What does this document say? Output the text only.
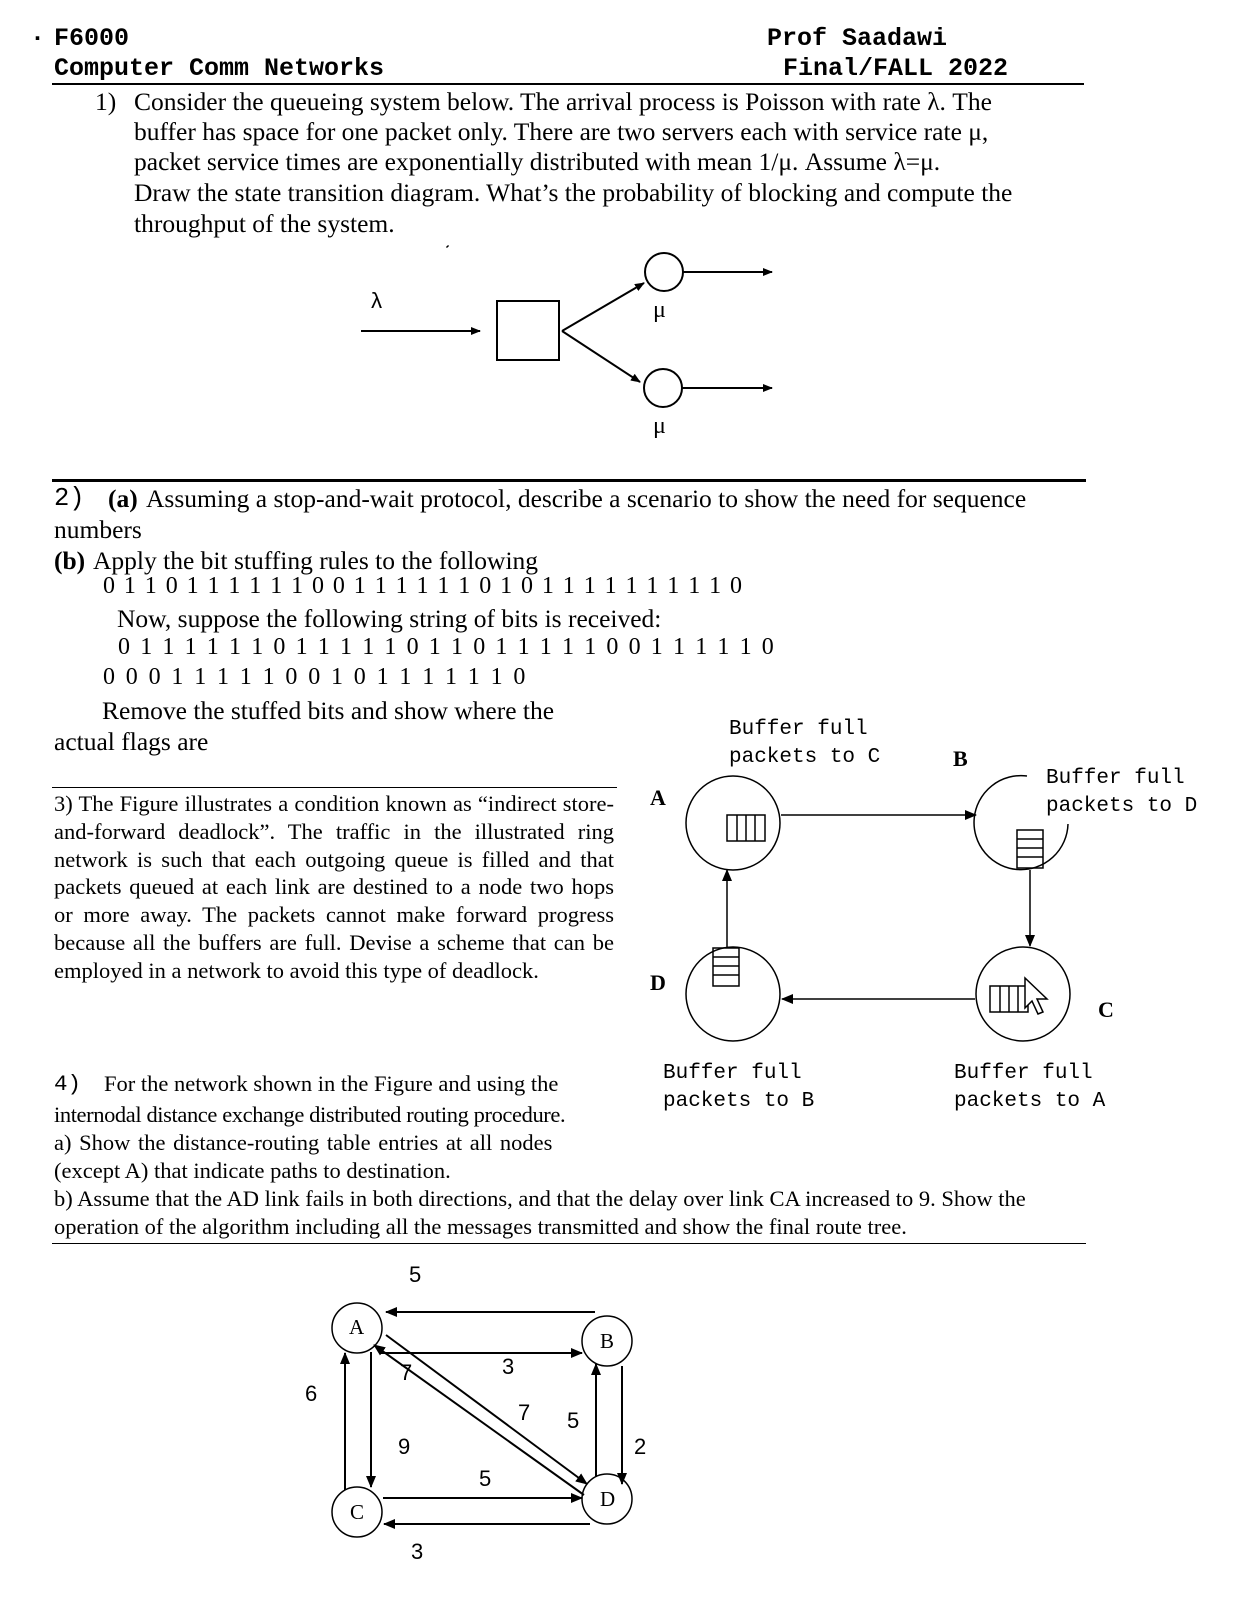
· F6000
Computer Comm Networks
Prof Saadawi
Final/FALL 2022
1) Consider the queueing system below. The arrival process is Poisson with rate λ. The
buffer has space for one packet only. There are two servers each with service rate μ,
packet service times are exponentially distributed with mean 1/μ. Assume λ=μ.
Draw the state transition diagram. What’s the probability of blocking and compute the
throughput of the system.
λ	μ
μ
2) (a) Assuming a stop-and-wait protocol, describe a scenario to show the need for sequence
numbers
(b) Apply the bit stuffing rules to the following
0 1 1 0 1 1 1 1 1 1 0 0 1 1 1 1 1 1 0 1 0 1 1 1 1 1 1 1 1 1 0
Now, suppose the following string of bits is received:
0 1 1 1 1 1 1 0 1 1 1 1 1 0 1 1 0 1 1 1 1 1 0 0 1 1 1 1 1 0
0 0 0 1 1 1 1 1 0 0 1 0 1 1 1 1 1 1 0
Remove the stuffed bits and show where the
actual flags are
3) The Figure illustrates a condition known as “indirect store-and-forward deadlock”. The traffic in the illustrated ring network is such that each outgoing queue is filled and that packets queued at each link are destined to a node two hops or more away. The packets cannot make forward progress because all the buffers are full. Devise a scheme that can be employed in a network to avoid this type of deadlock.
A
B
D
C
Buffer full
packets to C
Buffer full
packets to D
Buffer full
packets to B
Buffer full
packets to A
4) For the network shown in the Figure and using the
internodal distance exchange distributed routing procedure.
a) Show the distance-routing table entries at all nodes
(except A) that indicate paths to destination.
b) Assume that the AD link fails in both directions, and that the delay over link CA increased to 9. Show the
operation of the algorithm including all the messages transmitted and show the final route tree.
A
B
C
D
5
3
6
9
7
7
2
5
5
3
